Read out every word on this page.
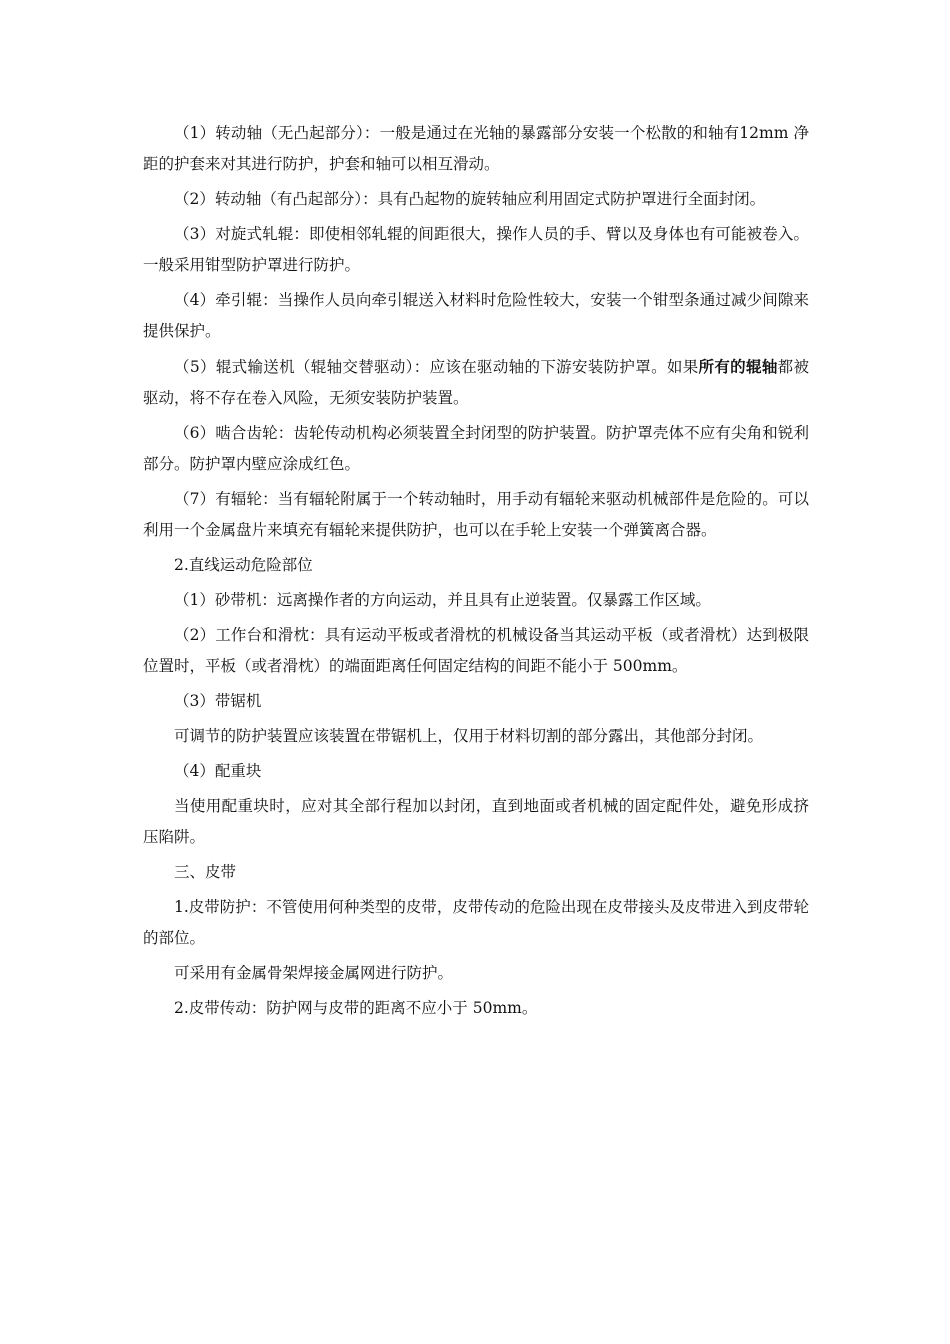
（1）转动轴（无凸起部分）：一般是通过在光轴的暴露部分安装一个松散的和轴有12mm 净距的护套来对其进行防护，护套和轴可以相互滑动。

（2）转动轴（有凸起部分）：具有凸起物的旋转轴应利用固定式防护罩进行全面封闭。

（3）对旋式轧辊：即使相邻轧辊的间距很大，操作人员的手、臂以及身体也有可能被卷入。一般采用钳型防护罩进行防护。

（4）牵引辊：当操作人员向牵引辊送入材料时危险性较大，安装一个钳型条通过减少间隙来提供保护。

（5）辊式输送机（辊轴交替驱动）：应该在驱动轴的下游安装防护罩。如果所有的辊轴都被驱动，将不存在卷入风险，无须安装防护装置。

（6）啮合齿轮：齿轮传动机构必须装置全封闭型的防护装置。防护罩壳体不应有尖角和锐利部分。防护罩内壁应涂成红色。

（7）有辐轮：当有辐轮附属于一个转动轴时，用手动有辐轮来驱动机械部件是危险的。可以利用一个金属盘片来填充有辐轮来提供防护，也可以在手轮上安装一个弹簧离合器。

2.直线运动危险部位

（1）砂带机：远离操作者的方向运动，并且具有止逆装置。仅暴露工作区域。

（2）工作台和滑枕：具有运动平板或者滑枕的机械设备当其运动平板（或者滑枕）达到极限位置时，平板（或者滑枕）的端面距离任何固定结构的间距不能小于 500mm。

（3）带锯机

可调节的防护装置应该装置在带锯机上，仅用于材料切割的部分露出，其他部分封闭。

（4）配重块

当使用配重块时，应对其全部行程加以封闭，直到地面或者机械的固定配件处，避免形成挤压陷阱。

三、皮带

1.皮带防护：不管使用何种类型的皮带，皮带传动的危险出现在皮带接头及皮带进入到皮带轮的部位。

可采用有金属骨架焊接金属网进行防护。

2.皮带传动：防护网与皮带的距离不应小于 50mm。
